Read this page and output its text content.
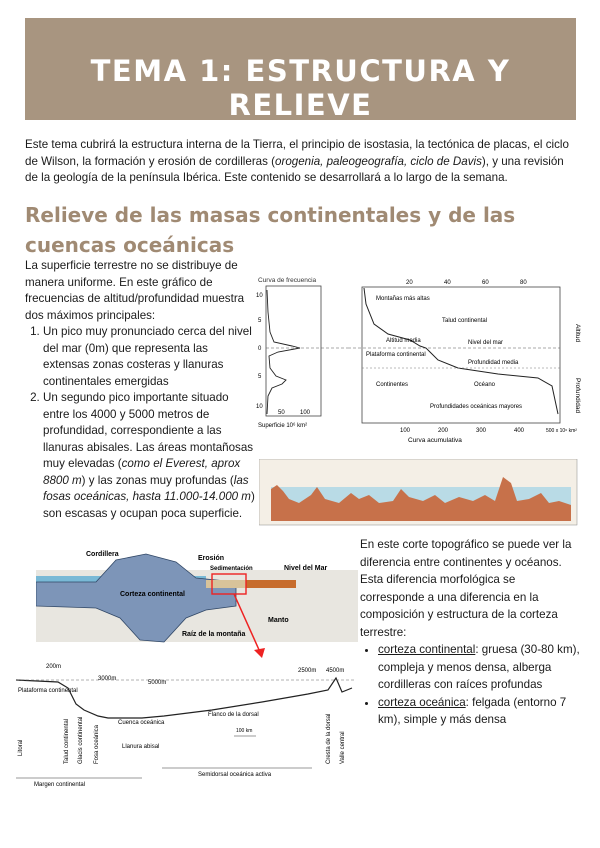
TEMA 1: ESTRUCTURA Y RELIEVE

Este tema cubrirá la estructura interna de la Tierra, el principio de isostasia, la tectónica de placas, el ciclo de Wilson, la formación y erosión de cordilleras (orogenia, paleogeografía, ciclo de Davis), y una revisión de la geología de la península Ibérica. Este contenido se desarrollará a lo largo de la semana.

Relieve de las masas continentales y de las cuencas oceánicas
La superficie terrestre no se distribuye de manera uniforme. En este gráfico de frecuencias de altitud/profundidad muestra dos máximos principales:
1. Un pico muy pronunciado cerca del nivel del mar (0m) que representa las extensas zonas costeras y llanuras continentales emergidas
2. Un segundo pico importante situado entre los 4000 y 5000 metros de profundidad, correspondiente a las llanuras abisales. Las áreas montañosas muy elevadas (como el Everest, aprox 8800 m) y las zonas muy profundas (las fosas oceánicas, hasta 11.000-14.000 m) son escasas y ocupan poca superficie.
Curva de frecuencia
10
5
0
5
10
50	100
Superficie 10⁶ km²
20	40	60	80
Montañas más altas
Talud continental
Altitud media	Nivel del mar
Plataforma continental
Profundidad media
Continentes	Océano
Profundidades oceánicas mayores
100	200	300	400	500 x 10⁶ km²
Curva acumulativa
Altitud
Profundidad
En este corte topográfico se puede ver la diferencia entre continentes y océanos. Esta diferencia morfológica se corresponde a una diferencia en la composición y estructura de la corteza terrestre:
• corteza continental: gruesa (30-80 km), compleja y menos densa, alberga cordilleras con raíces profundas
• corteza oceánica: felgada (entorno 7 km), simple y más densa
Cordillera
Erosión
Sedimentación	Nivel del Mar
Corteza continental
Manto
Raíz de la montaña
200m
3000m
5000m
2500m 4500m
Plataforma continental
Flanco de la dorsal
100 km
Litoral	Talud continental Glacis continental Fosa oceánica
Cuenca oceánica
Llanura abisal	Cresta de la dorsal Valle central
Margen continental
Semidorsal oceánica activa
